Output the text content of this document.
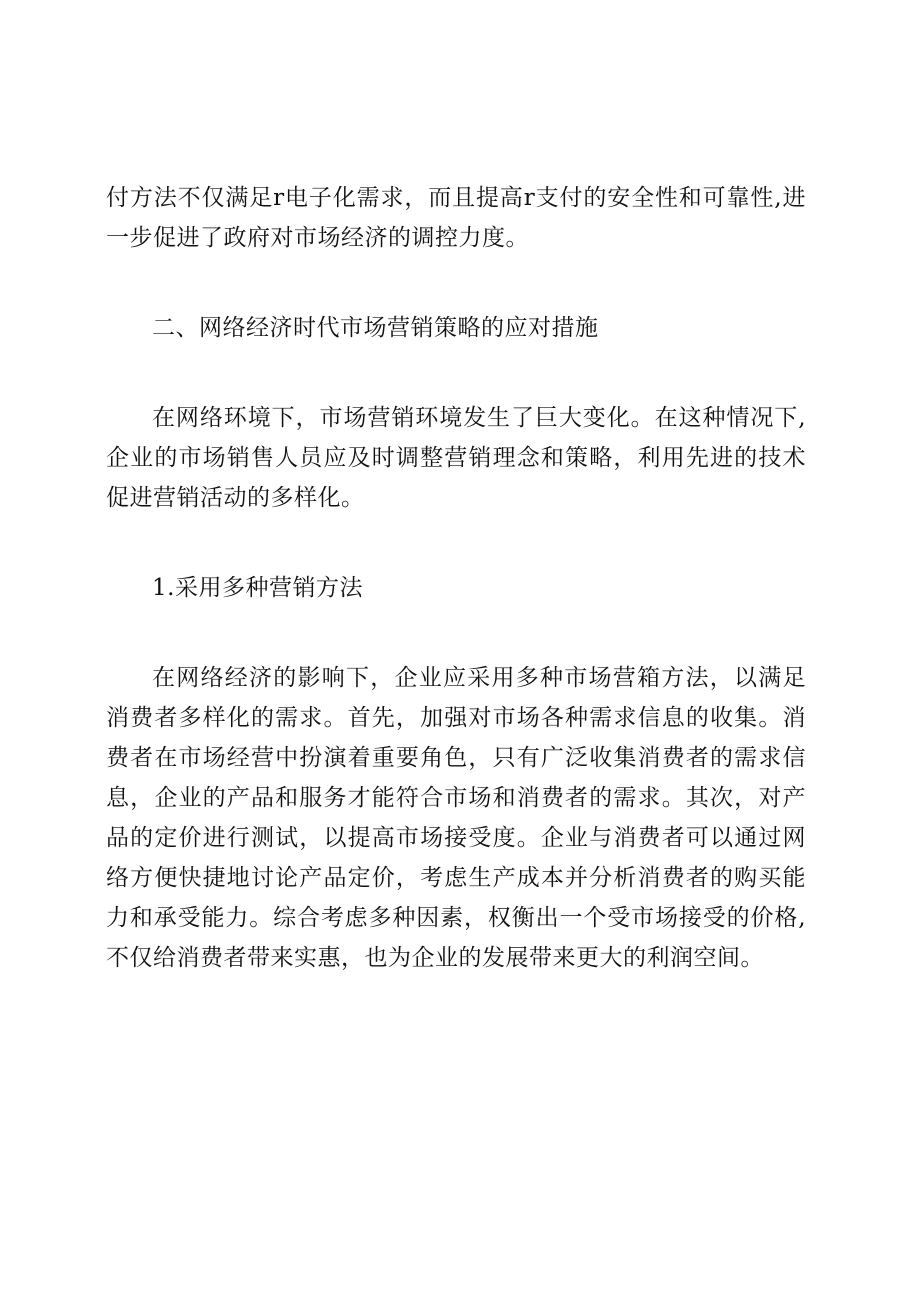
付方法不仅满足r电子化需求，而且提高r支付的安全性和可靠性,进一步促进了政府对市场经济的调控力度。

二、网络经济时代市场营销策略的应对措施

在网络环境下，市场营销环境发生了巨大变化。在这种情况下,企业的市场销售人员应及时调整营销理念和策略，利用先进的技术促进营销活动的多样化。

1.采用多种营销方法

在网络经济的影响下，企业应采用多种市场营箱方法，以满足消费者多样化的需求。首先，加强对市场各种需求信息的收集。消费者在市场经营中扮演着重要角色，只有广泛收集消费者的需求信息，企业的产品和服务才能符合市场和消费者的需求。其次，对产品的定价进行测试，以提高市场接受度。企业与消费者可以通过网络方便快捷地讨论产品定价，考虑生产成本并分析消费者的购买能力和承受能力。综合考虑多种因素，权衡出一个受市场接受的价格,不仅给消费者带来实惠，也为企业的发展带来更大的利润空间。
